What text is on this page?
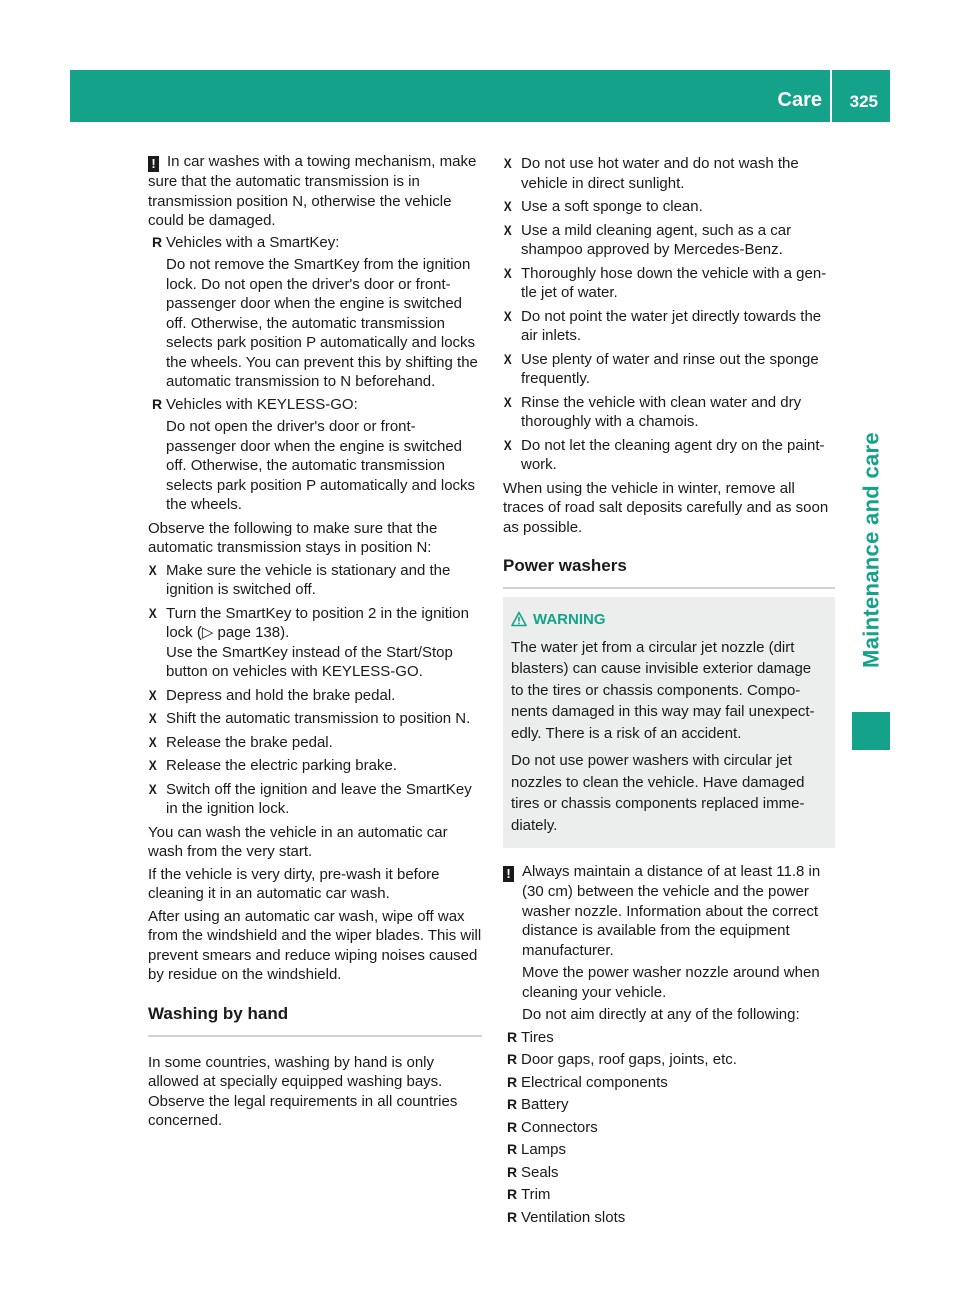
Care 325
Maintenance and care

! In car washes with a towing mechanism, make sure that the automatic transmission is in transmission position N, otherwise the vehicle could be damaged.

R Vehicles with a SmartKey:
Do not remove the SmartKey from the ignition lock. Do not open the driver's door or front-passenger door when the engine is switched off. Otherwise, the automatic transmission selects park position P automatically and locks the wheels. You can prevent this by shifting the automatic transmission to N beforehand.
R Vehicles with KEYLESS-GO:
Do not open the driver's door or front-passenger door when the engine is switched off. Otherwise, the automatic transmission selects park position P automatically and locks the wheels.

Observe the following to make sure that the automatic transmission stays in position N:

X Make sure the vehicle is stationary and the ignition is switched off.
X Turn the SmartKey to position 2 in the ignition lock (▷ page 138).
Use the SmartKey instead of the Start/Stop button on vehicles with KEYLESS-GO.
X Depress and hold the brake pedal.
X Shift the automatic transmission to position N.
X Release the brake pedal.
X Release the electric parking brake.
X Switch off the ignition and leave the SmartKey in the ignition lock.

You can wash the vehicle in an automatic car wash from the very start.

If the vehicle is very dirty, pre-wash it before cleaning it in an automatic car wash.

After using an automatic car wash, wipe off wax from the windshield and the wiper blades. This will prevent smears and reduce wiping noises caused by residue on the windshield.

Washing by hand

In some countries, washing by hand is only allowed at specially equipped washing bays. Observe the legal requirements in all countries concerned.

X Do not use hot water and do not wash the vehicle in direct sunlight.
X Use a soft sponge to clean.
X Use a mild cleaning agent, such as a car shampoo approved by Mercedes-Benz.
X Thoroughly hose down the vehicle with a gentle jet of water.
X Do not point the water jet directly towards the air inlets.
X Use plenty of water and rinse out the sponge frequently.
X Rinse the vehicle with clean water and dry thoroughly with a chamois.
X Do not let the cleaning agent dry on the paintwork.

When using the vehicle in winter, remove all traces of road salt deposits carefully and as soon as possible.

Power washers
WARNING

The water jet from a circular jet nozzle (dirt blasters) can cause invisible exterior damage to the tires or chassis components. Components damaged in this way may fail unexpectedly. There is a risk of an accident.

Do not use power washers with circular jet nozzles to clean the vehicle. Have damaged tires or chassis components replaced immediately.

! Always maintain a distance of at least 11.8 in (30 cm) between the vehicle and the power washer nozzle. Information about the correct distance is available from the equipment manufacturer.

Move the power washer nozzle around when cleaning your vehicle.

Do not aim directly at any of the following:

R Tires
R Door gaps, roof gaps, joints, etc.
R Electrical components
R Battery
R Connectors
R Lamps
R Seals
R Trim
R Ventilation slots
